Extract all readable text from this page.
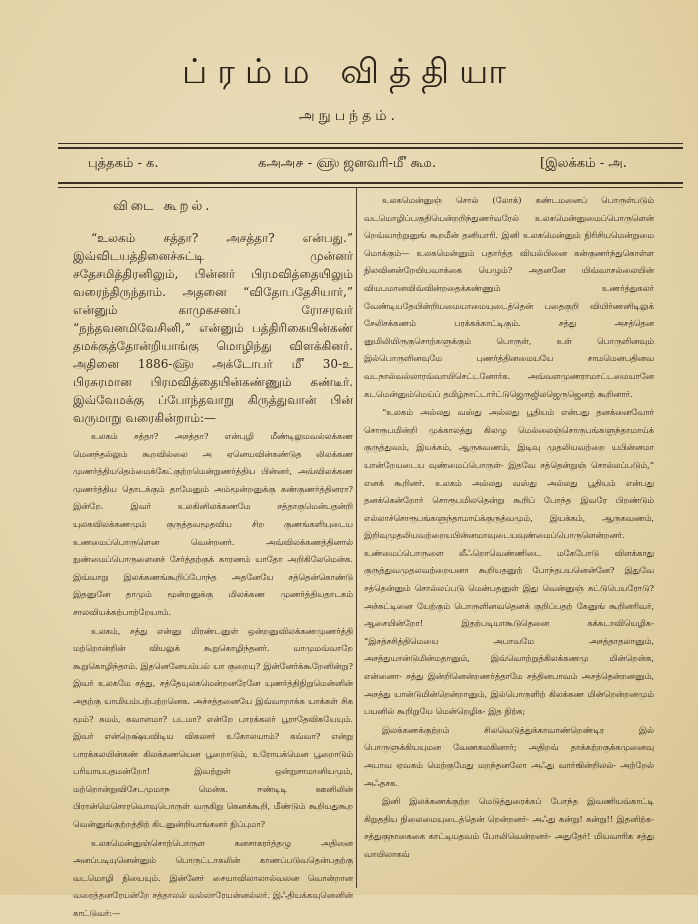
ப்ரம்ம வித்தியா
அநுபந்தம்.
புத்தகம் - க.	கஅஅ௪ - ௵ ஜனவரி-௴ கூ௰.	[இலக்கம் - அ.
விடை கூறல்.

“உலகம் சத்தா? அசத்தா? என்பது.” இவ்விடயத்தினைச்சுட்டி முன்னர் சதேசமித்திரனிலும், பின்னர் பிரமவித்தையிலும் வரைந்திருந்தாம். அதனை “விதோபதேசியார்,” என்னும் காமுகசனப் ரோசரவர் “நந்தவனமிவேசினி,” என்னும் பத்திரிகையின்கண் தமக்குத்தோன்றியாங்கு மொழிந்து விளக்கினர். அதினை 1886-௵ அக்டோபர் ௴ 30-உ பிரசுரமான பிரமவித்தையின்கண்ணும் கண்டீர். இவ்வேமக்கு ப்போந்தவாறு கிருத்துவான் பின் வருமாறு வரைகின்றாம்:—

உலகம் சத்தா? அசத்தா? என்புழி மீண்டிலுமவல்லக்கண மெனந்தல்லும் கூறவில்லை அ ஏனெயவின்கண்டுத லிலக்கண முணர்த்தியதெம்மைக்கேட்குற்றமென்றுணர்த்திய பின்னர், அவ்விலக்கண முணர்த்திய தொடக்கும் தாமேனும் அம்மூன்றனுக்கு கண்குணர்த்தினரா? இன்றே. இவர் உலகினிலக்கணமே சத்தாகுமென்பதன்றி யுலகவிலக்கணமும் குருத்தவமூதவிய சிற குணங்களியுடைய உணமைப்பொருளென வென்றனர். அவ்விலக்கணத்தினால் நுண்மைப்பொருளைனச் சேர்த்தற்குக் காரணம் யாதோ அறிகிலேமென்க. இவ்வாறு இலக்கணங்கூறிப்போந்த அதனேயே சத்தென்கொண்டு இதனுனே தாமும் மூன்றனுக்கு மிலக்கண முணர்த்தியதாடகம் சாலவியக்கற்பாற்றேயாம்.

உலகம், சத்து என்னு மிரண்டனுள் ஒன்றனுவிலக்கணமுணர்த்தி மற்றொன்றின் வியலுக் கூறுகொழிந்தனர். யாமுமவ்வாறே கூறுகொழிந்தாம். இதனெனேயம்பல் யா குறையு? இன்னேர்க்கூறேனின்று? இவர் உலகமே சத்து, சத்தேயுலகமென்றனரேனே யுணர்த்திநிறுமென்னின் அதற்கு யாமியம்பற்பற்றனெக. அச்சத்தனையே இவ்வாறாக்க யாக்கள் சிக மூம்? கமம், கவாளமா? படமா? என்றே பாரக்கலர் பூராதேவிகயேயும். இவர் என்றெக்ஷ்யவிடிய விகலசர் உகோலயாம்? கவ்வா? என்று பாரக்கலயின்கண் கிலக்கணயென பூறைாடும், உரோயக்மென பூறைாடும் பரியாயபதமன்றோ! இவற்றுள் ஒன்றுசாமானியமும், மற்றொன்றுவிசேடமுமாந மென்க. ஈண்டிடி ஊனிலின் பிரான்மெசொரவொவுபொருள் வருகிறு கெனக்கூறி, மீண்டும் கூறியதுகூற வென்னுங்குற்றத்திற் கிடனுன்றியாங்கனர் நிப்புமா?

உலகமென்னுஞ்சொற்பொருள கனசாகரர்த்தழு அதினை அனப்படியுனென்னும் பொருட்டாகலின் காணப்படுவதென்பதற்கு வடமொழி நியையும். இன்னேர் சையாவிலாலால்வலன வொன்றான வரைத்தனரேயன்றே சத்தாலல் வல்லாரேயன்னல்லர். இஃதியக்கவுனெனின் காட்டுவர்:—

உலகமென்னுஞ் சொல் (லோக்) கண்டமனைப் பொருள்படும் வடமொழிப்பகுதியென்றறிந்துணர்வரேல் உலகமென்னுமைப்பொருளென் றெவ்வாற்றுனுங் கூறமீன் தனியாரி. இனி உலகமென்னும் நிரிசியமென்றுமை மொக்கும்— உலகமென்னும் பதார்த்த வியல்பினை கன்குணர்ந்துகொள்ள நிலவினன்றேயியவாக்கை யெழும்? அதனனே யிவ்வாசல்லையின் வியபமானவிவ்வின்றதைக்கண்ணும் உணர்த்துகலர் வேண்டியதேயின்றியமையாமையுடைத்தென் பதைகுறி வியிர்ணனிடிலுக் சேலிசக்கணம் பரக்கக்காட்டிகும். சத்து அசத்தென னுமிலியிருகுசொற்களுக்கும் பொருள், உள் பொருளினவும் இல்பொருளினவுமே புணர்த்தினமையயே சாமமெனபதினவ வடநால்வல்லாரவ்வாயிசெட்டனோர்க. அவ்வளமுணராமாட்டமையானே கடமென்னும்மெய்ப் தமிழ்நாட்டார்ட்டுஜெருஜிலஜெருஜெனற் கூறினார்.

“உலகம் அல்லது வஸ்து அல்லது பூதியம் என்பது தனக்னைவோர் சொரூபமின்றி முக்காலத்து கிலழு மெல்லைஞ்சொருபங்களுந்தாமாய்க் குருத்துவம், இயக்கம், ஆருகவணம், இடிவு முதலியவற்றை யபின்னமா யான்றேயடைய வுண்மைப்பொருள்- இதவே சத்தென்றுஞ் சொல்லப்படும்,” எனக் கூறினர். உலகம் அல்லது வஸ்து அல்லது பூதியம் என்பது தனக்கென்றோர் சொரூபமிலதென்று கூறிப் போந்த இவரே பிறண்டும் எல்லாச்சொரூபங்களுந்தாமாய்க்குருத்வமும், இயக்கம், ஆருகவணம், இறிவுமுதலியவற்றையபின்னமாவுடையவுண்மைப்பொருளென்றனர். உண்மைப்பொருளை லீஃறொவெண்ணிடை மகேபோடு விளக்காது குருத்துவமுதலவற்றையனா கூறியதனுற் போந்தபயனென்னே? இதுவே சத்தென்னும் சொல்லப்படு மென்பதனுள் இது வென்னுஞ் சுட்டுபெயரோடு? அச்சுட்டினை யேற்கும் பொருளினவதெனக் குறிப்பதற் கேனுங் கூறினரிவர், ஆசையின்றோ! இதற்படியாகூடுதெனை கக்கடாவியெழிக- “இசத்சசித்திமெயை அபாவமே அசத்தாதலானும், அசத்துயான்டுமின்மதானும், இவ்வொற்றுத்கிலக்கணமு மின்றென்க, என்னைா- சத்து இன்றினென்றணர்த்தாமே சத்தினபாவம் அசத்தென்றனனும், அசத்து யான்டுமின்றென்றானும், இல்பொருளிற் கிலக்கண மின்றென்றனமும் பயனில் கூறிறுயே மென்றெழிக- இத நிற்க;

இலக்கணக்குற்றம் சிலவெடுத்துக்காவாண்றெண்டிர இல் பொருளுக்கியயுமன வேணகலகினார்; அதிறவ் தாக்கற்றகுக்கமுனைவு அபாவ ஏவகம் மெற்குமேது மறந்தனலோ அஃது வார்ஙின்றிலல்- அற்றேல் அஃதசக.

இனி இலக்கணக்குற்ற மெடுத்துரைக்கப் போந்த இவணியவ்காட்டி கிறுததிய நிலைமையுடைத்தென் றென்றனர்- அஃது கன்று! கன்று!! இதனிற்க- சத்துகுநாகைகை காட்டியதவம் போலிவென்றனர்- அதுதேர்! மியவாரிக சத்து வாயிலாகவ்
